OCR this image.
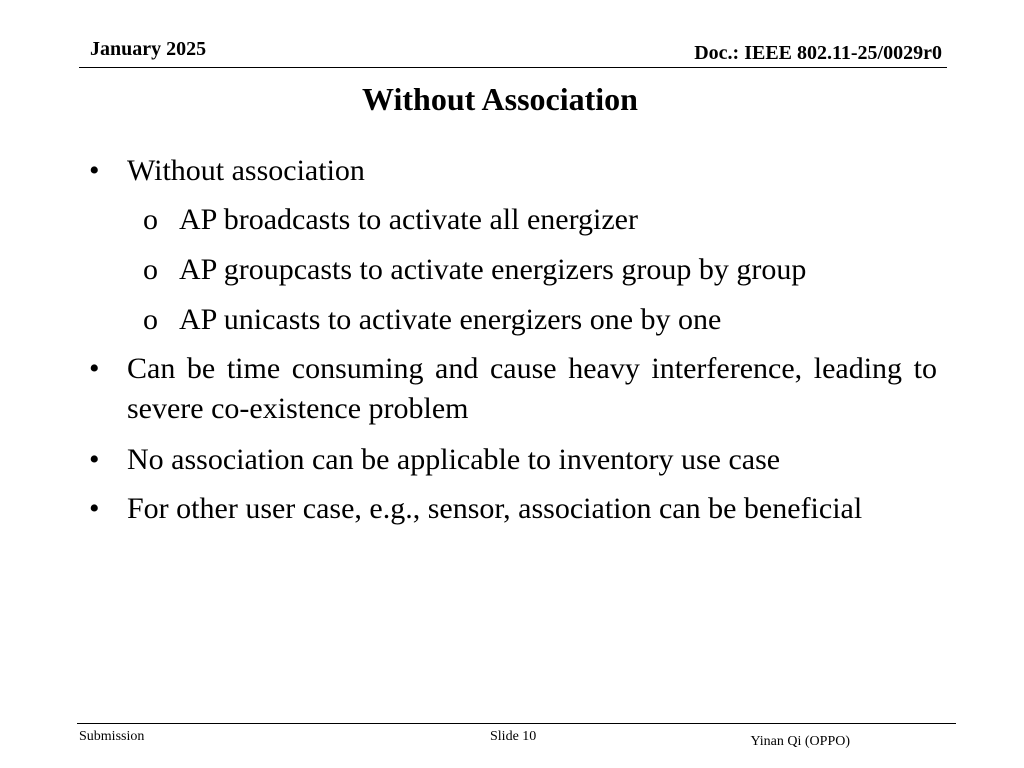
January 2025	Doc.: IEEE 802.11-25/0029r0
Without Association
• Without association
o AP broadcasts to activate all energizer
o AP groupcasts to activate energizers group by group
o AP unicasts to activate energizers one by one
• Can be time consuming and cause heavy interference, leading to severe co-existence problem
• No association can be applicable to inventory use case
• For other user case, e.g., sensor, association can be beneficial
Submission	Slide 10	Yinan Qi (OPPO)
